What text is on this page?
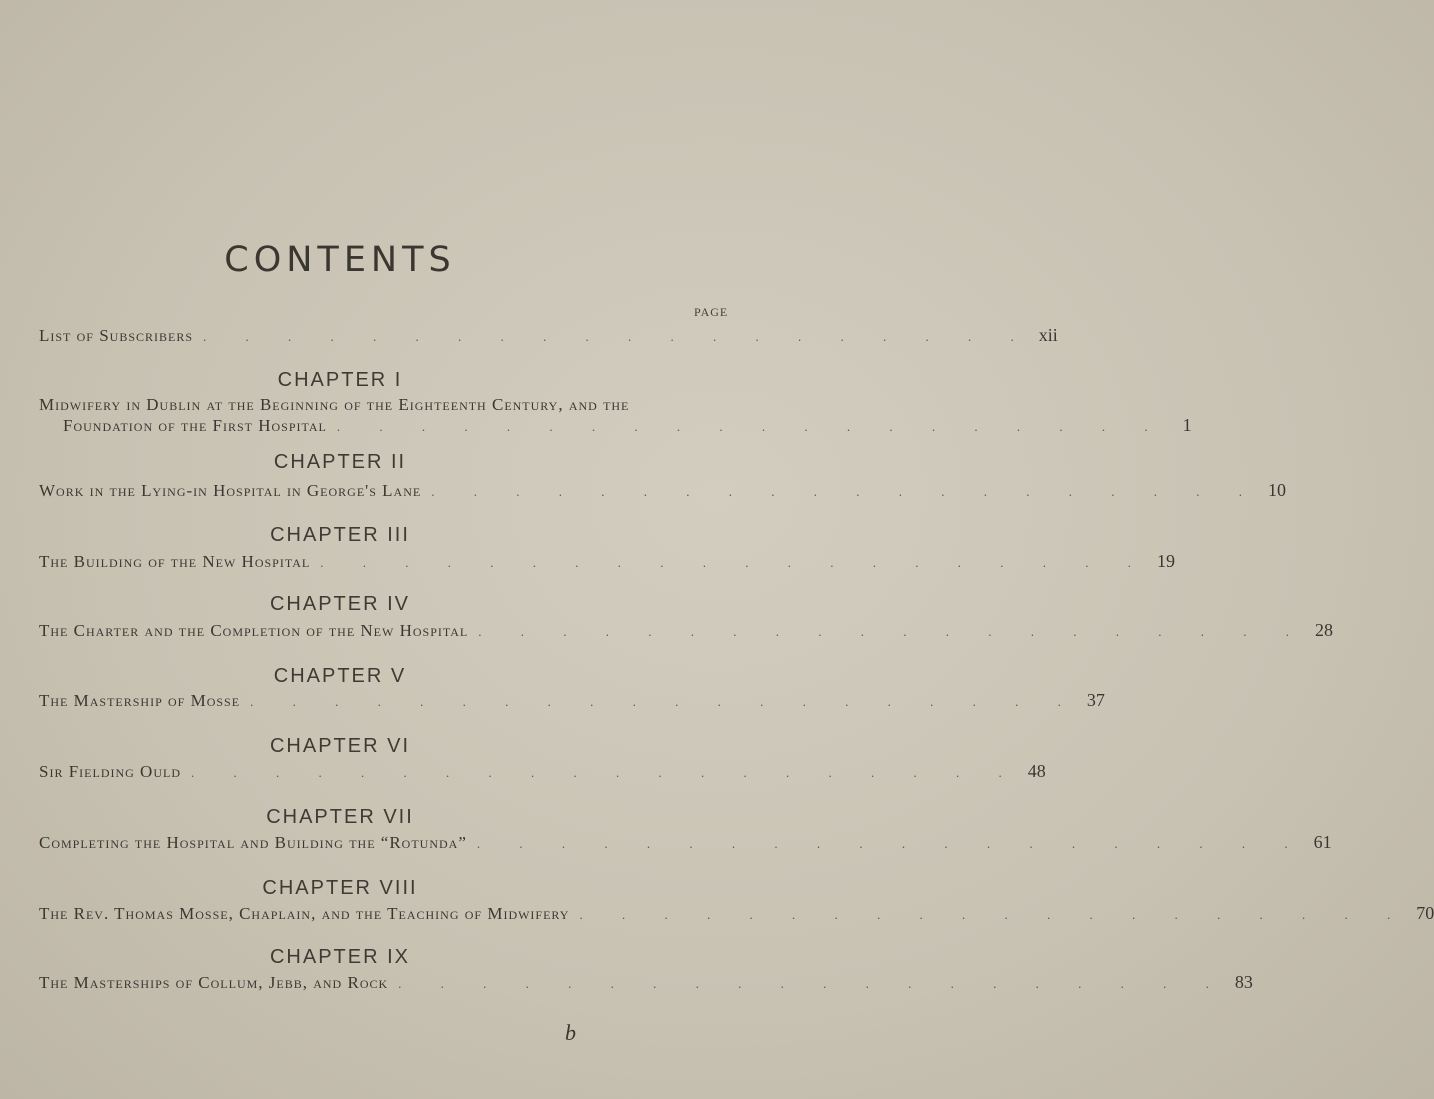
CONTENTS
PAGE
List of Subscribers . . . . . . . . . . . . . . . . . . . . xii
CHAPTER I
Midwifery in Dublin at the Beginning of the Eighteenth Century, and the
Foundation of the First Hospital . . . . . . . . . . . . . . . . . . . . 1
CHAPTER II
Work in the Lying-in Hospital in George's Lane . . . . . . . . . . . . . . . . . . . . 10
CHAPTER III
The Building of the New Hospital . . . . . . . . . . . . . . . . . . . . 19
CHAPTER IV
The Charter and the Completion of the New Hospital . . . . . . . . . . . . . . . . . . . . 28
CHAPTER V
The Mastership of Mosse . . . . . . . . . . . . . . . . . . . . 37
CHAPTER VI
Sir Fielding Ould . . . . . . . . . . . . . . . . . . . . 48
CHAPTER VII
Completing the Hospital and Building the “Rotunda” . . . . . . . . . . . . . . . . . . . . 61
CHAPTER VIII
The Rev. Thomas Mosse, Chaplain, and the Teaching of Midwifery . . . . . . . . . . . . . . . . . . . . 70
CHAPTER IX
The Masterships of Collum, Jebb, and Rock . . . . . . . . . . . . . . . . . . . . 83
b
